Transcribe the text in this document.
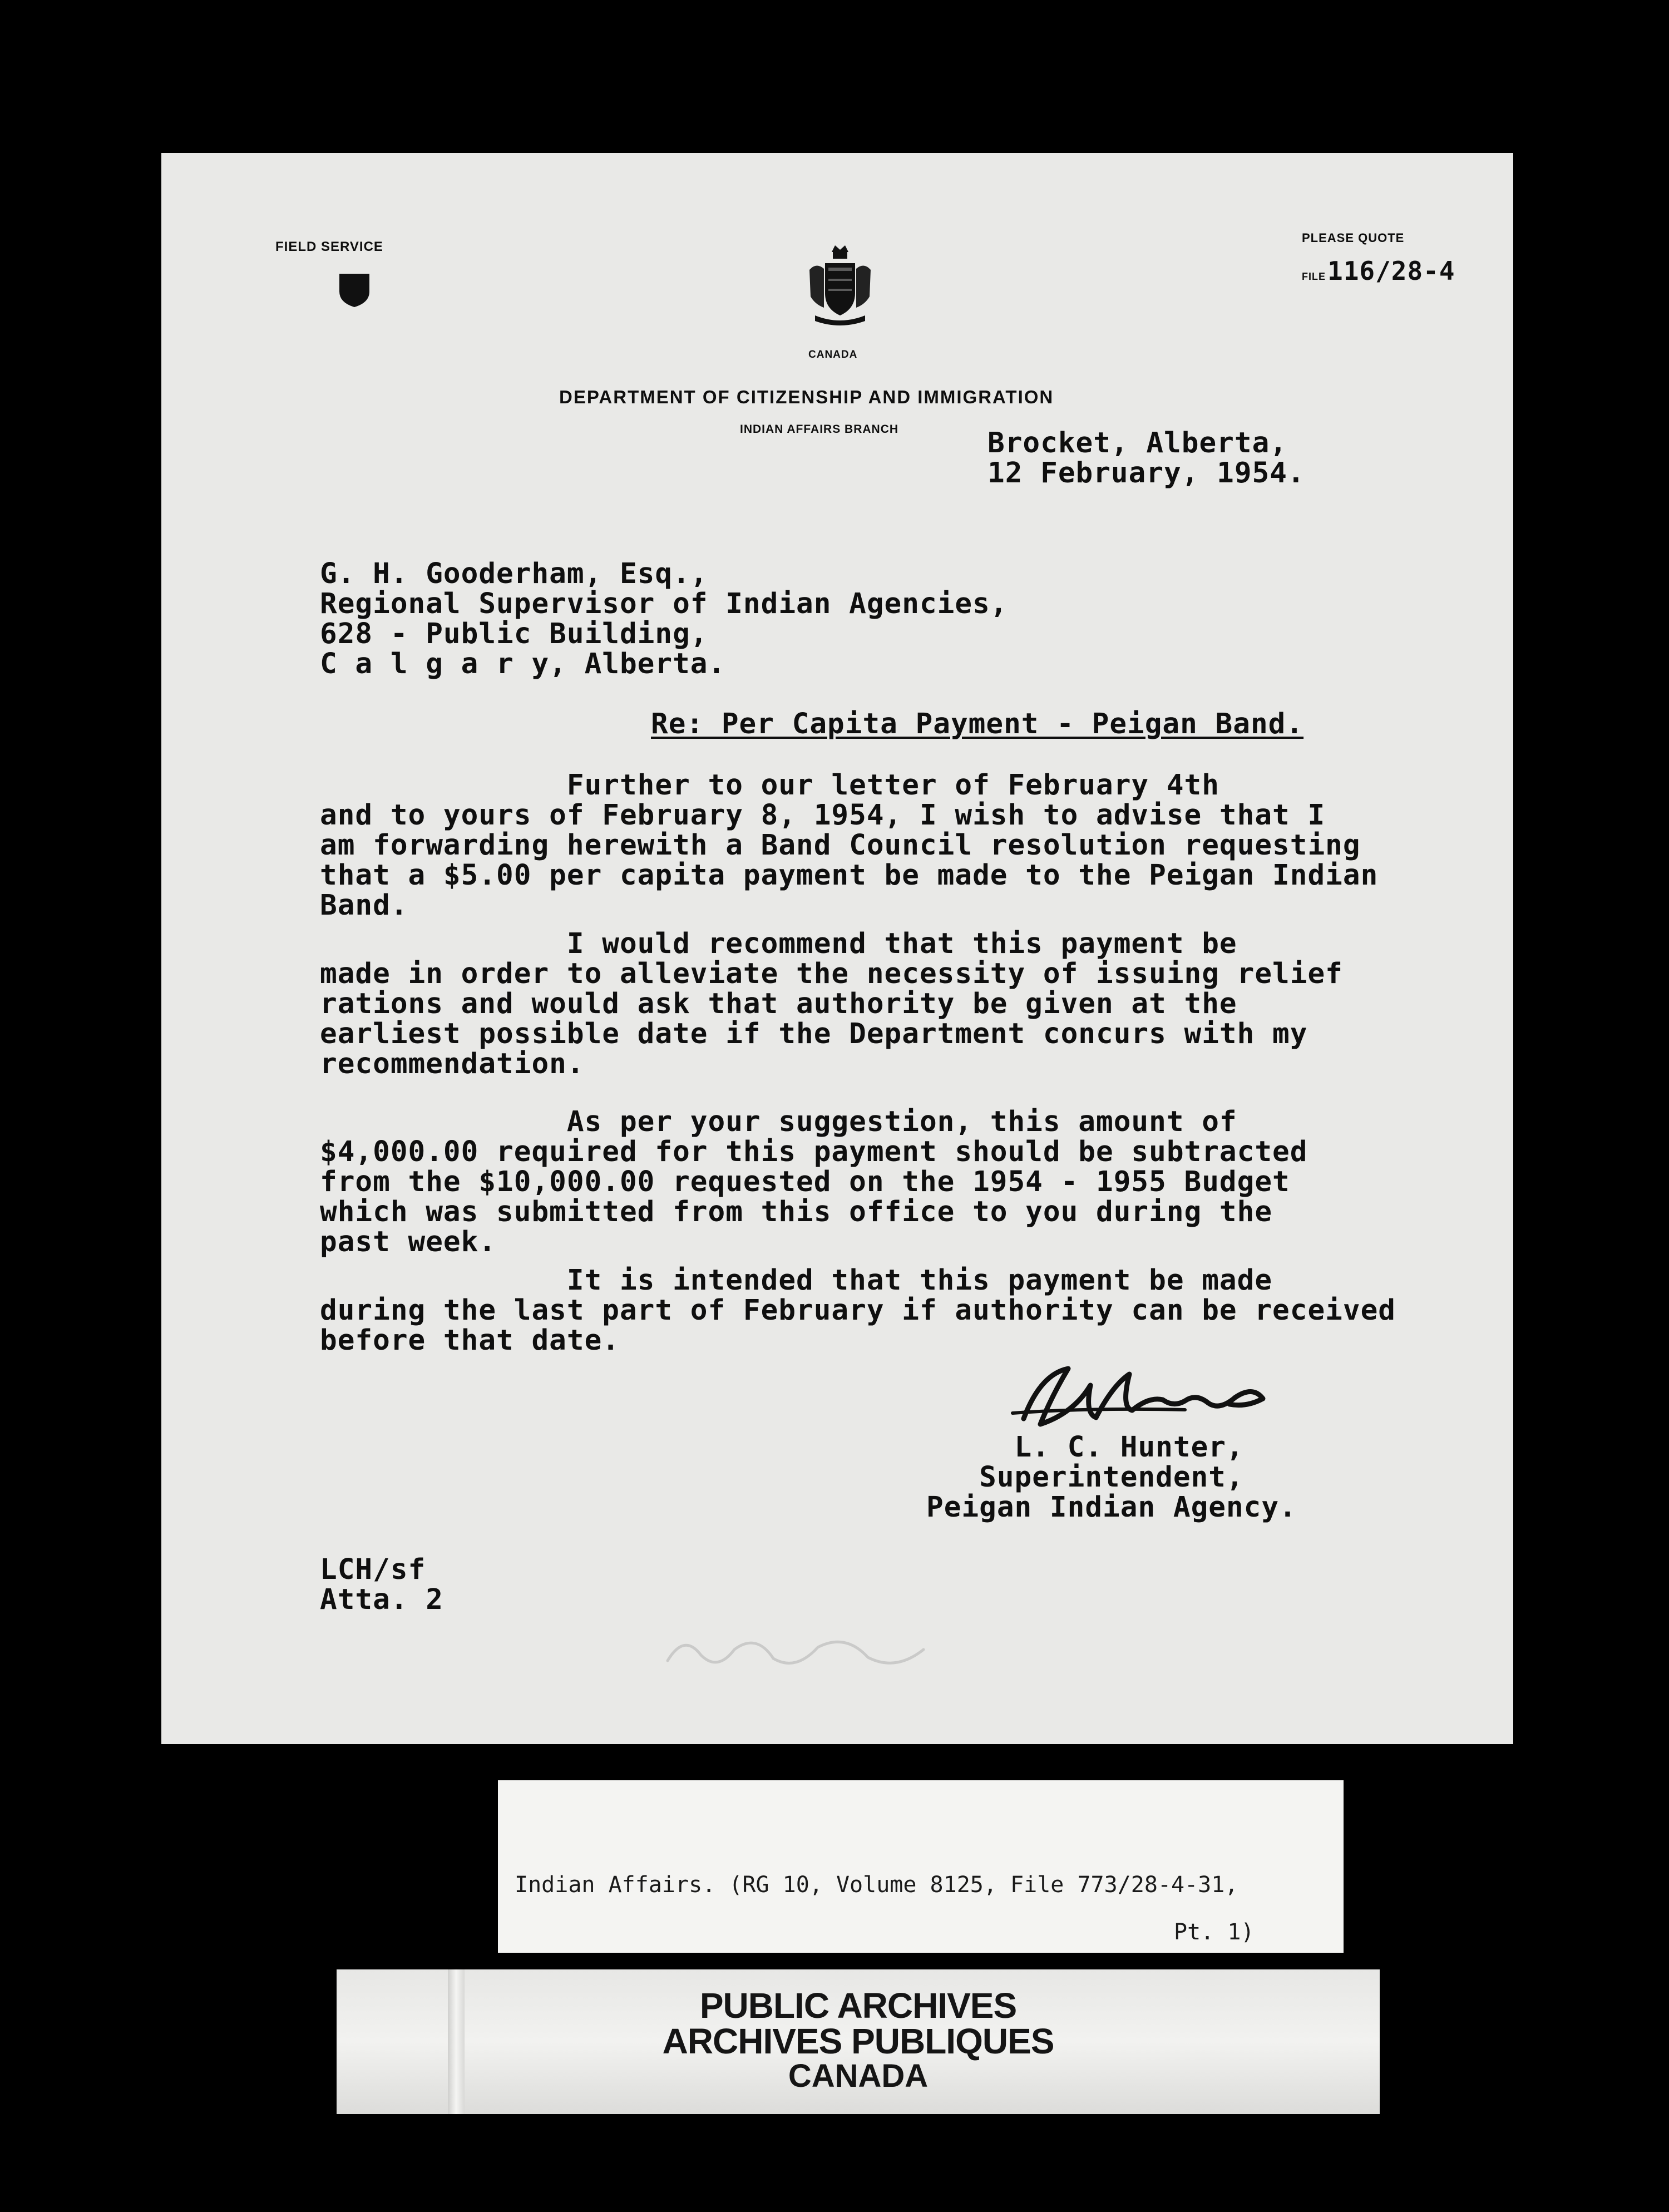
FIELD SERVICE
CANADA
PLEASE QUOTE
FILE 116/28-4
DEPARTMENT OF CITIZENSHIP AND IMMIGRATION
INDIAN AFFAIRS BRANCH	Brocket, Alberta,
12 February, 1954.
G. H. Gooderham, Esq.,
Regional Supervisor of Indian Agencies,
628 - Public Building,
C a l g a r y, Alberta.
Re: Per Capita Payment - Peigan Band.
Further to our letter of February 4th
and to yours of February 8, 1954, I wish to advise that I
am forwarding herewith a Band Council resolution requesting
that a $5.00 per capita payment be made to the Peigan Indian
Band.
I would recommend that this payment be
made in order to alleviate the necessity of issuing relief
rations and would ask that authority be given at the
earliest possible date if the Department concurs with my
recommendation.
As per your suggestion, this amount of
$4,000.00 required for this payment should be subtracted
from the $10,000.00 requested on the 1954 - 1955 Budget
which was submitted from this office to you during the
past week.
It is intended that this payment be made
during the last part of February if authority can be received
before that date.
L. C. Hunter,
Superintendent,
Peigan Indian Agency.
LCH/sf
Atta. 2
Indian Affairs. (RG 10, Volume 8125, File 773/28-4-31,
Pt. 1)
PUBLIC ARCHIVES
ARCHIVES PUBLIQUES
CANADA
